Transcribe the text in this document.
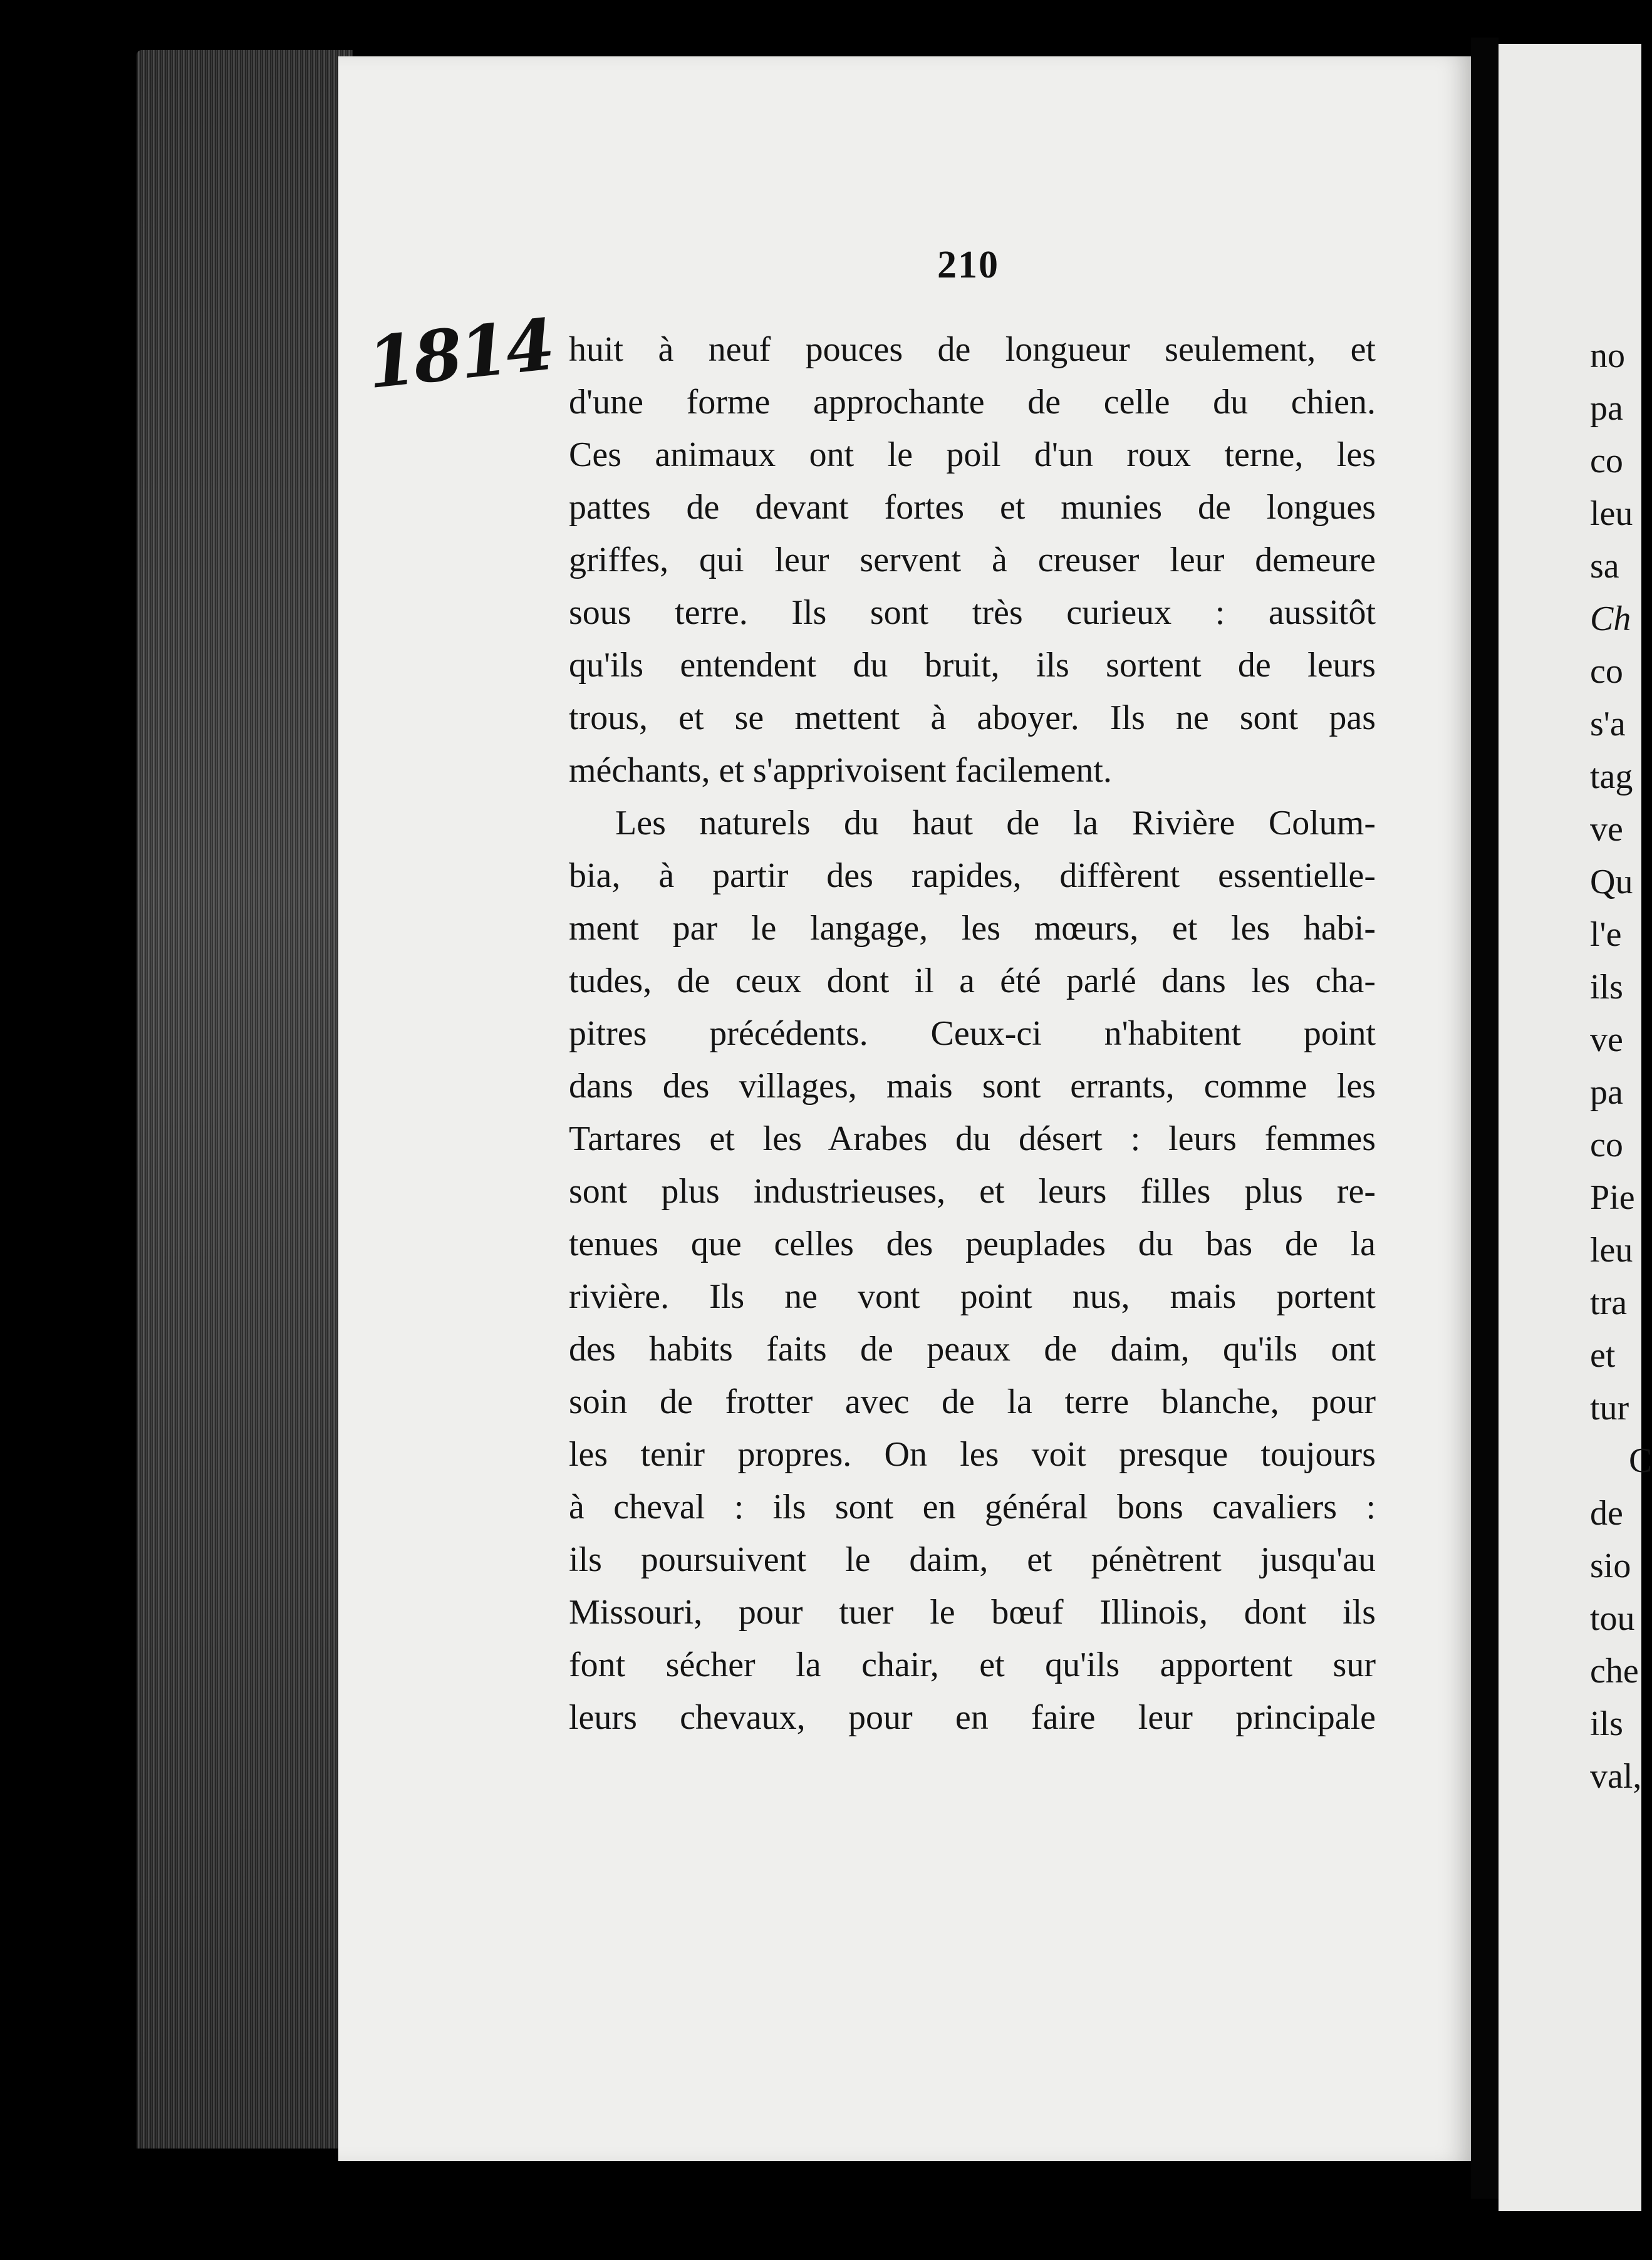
210
1814 huit à neuf pouces de longueur seulement, et
d'une forme approchante de celle du chien.
Ces animaux ont le poil d'un roux terne, les
pattes de devant fortes et munies de longues
griffes, qui leur servent à creuser leur demeure
sous terre. Ils sont très curieux : aussitôt
qu'ils entendent du bruit, ils sortent de leurs
trous, et se mettent à aboyer. Ils ne sont pas
méchants, et s'apprivoisent facilement.
Les naturels du haut de la Rivière Colum-
bia, à partir des rapides, diffèrent essentielle-
ment par le langage, les mœurs, et les habi-
tudes, de ceux dont il a été parlé dans les cha-
pitres précédents. Ceux-ci n'habitent point
dans des villages, mais sont errants, comme les
Tartares et les Arabes du désert : leurs femmes
sont plus industrieuses, et leurs filles plus re-
tenues que celles des peuplades du bas de la
rivière. Ils ne vont point nus, mais portent
des habits faits de peaux de daim, qu'ils ont
soin de frotter avec de la terre blanche, pour
les tenir propres. On les voit presque toujours
à cheval : ils sont en général bons cavaliers :
ils poursuivent le daim, et pénètrent jusqu'au
Missouri, pour tuer le bœuf Illinois, dont ils
font sécher la chair, et qu'ils apportent sur
leurs chevaux, pour en faire leur principale
no
pa
co
leu
sa
Ch
co
s'a
tag
ve
Qu
l'e
ils
ve
pa
co
Pie
leu
tra
et
tur
C
de
sio
tou
che
ils
val,
